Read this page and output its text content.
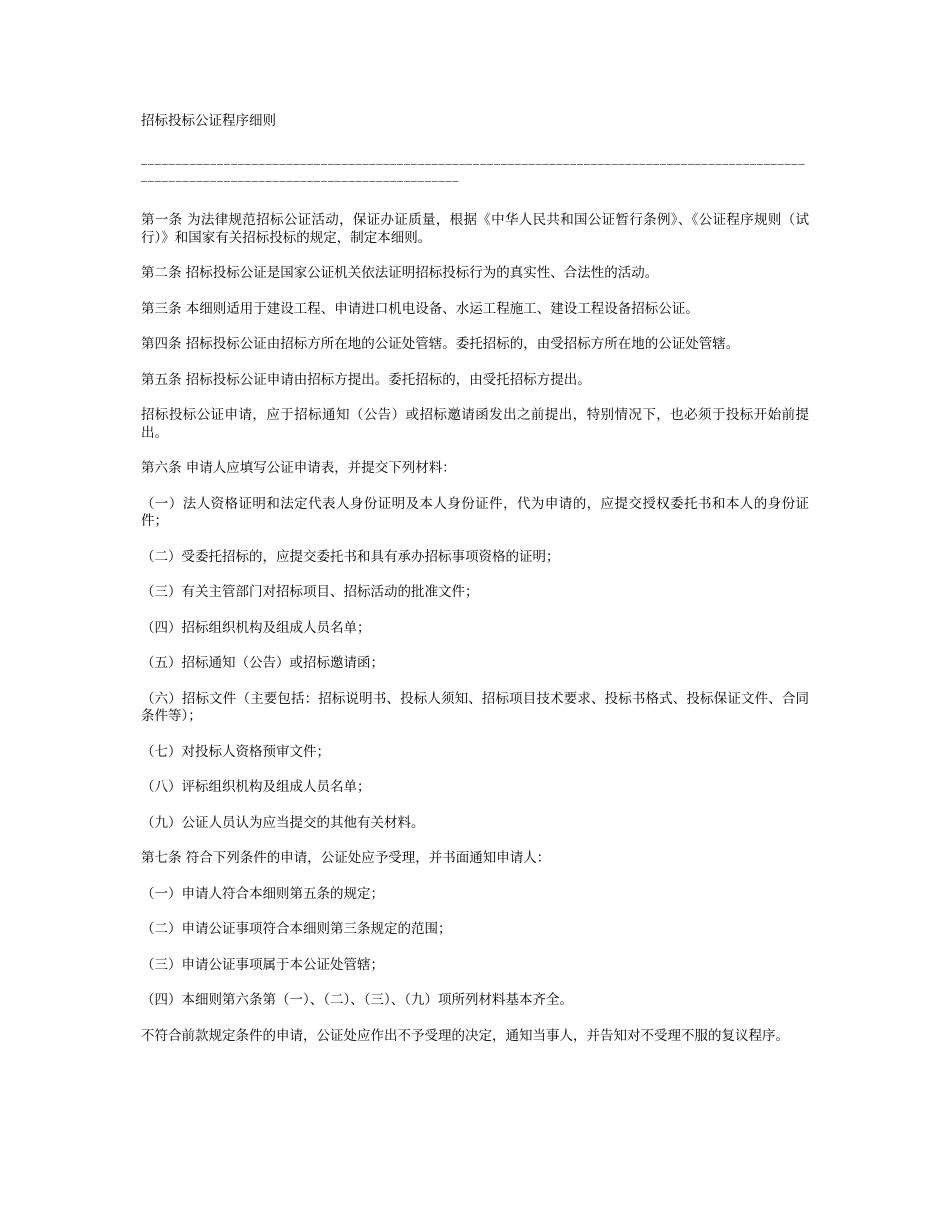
招标投标公证程序细则
——————————————————————————————————————————————————————————————————————————————————————————————————————————————————————————————————————————————

第一条 为法律规范招标公证活动，保证办证质量，根据《中华人民共和国公证暂行条例》、《公证程序规则（试行）》和国家有关招标投标的规定，制定本细则。

第二条 招标投标公证是国家公证机关依法证明招标投标行为的真实性、合法性的活动。

第三条 本细则适用于建设工程、申请进口机电设备、水运工程施工、建设工程设备招标公证。

第四条 招标投标公证由招标方所在地的公证处管辖。委托招标的，由受招标方所在地的公证处管辖。

第五条 招标投标公证申请由招标方提出。委托招标的，由受托招标方提出。

招标投标公证申请，应于招标通知（公告）或招标邀请函发出之前提出，特别情况下，也必须于投标开始前提出。

第六条 申请人应填写公证申请表，并提交下列材料：

（一）法人资格证明和法定代表人身份证明及本人身份证件，代为申请的，应提交授权委托书和本人的身份证件；

（二）受委托招标的，应提交委托书和具有承办招标事项资格的证明；

（三）有关主管部门对招标项目、招标活动的批准文件；

（四）招标组织机构及组成人员名单；

（五）招标通知（公告）或招标邀请函；

（六）招标文件（主要包括：招标说明书、投标人须知、招标项目技术要求、投标书格式、投标保证文件、合同条件等）；

（七）对投标人资格预审文件；

（八）评标组织机构及组成人员名单；

（九）公证人员认为应当提交的其他有关材料。

第七条 符合下列条件的申请，公证处应予受理，并书面通知申请人：

（一）申请人符合本细则第五条的规定；

（二）申请公证事项符合本细则第三条规定的范围；

（三）申请公证事项属于本公证处管辖；

（四）本细则第六条第（一）、（二）、（三）、（九）项所列材料基本齐全。

不符合前款规定条件的申请，公证处应作出不予受理的决定，通知当事人，并告知对不受理不服的复议程序。
